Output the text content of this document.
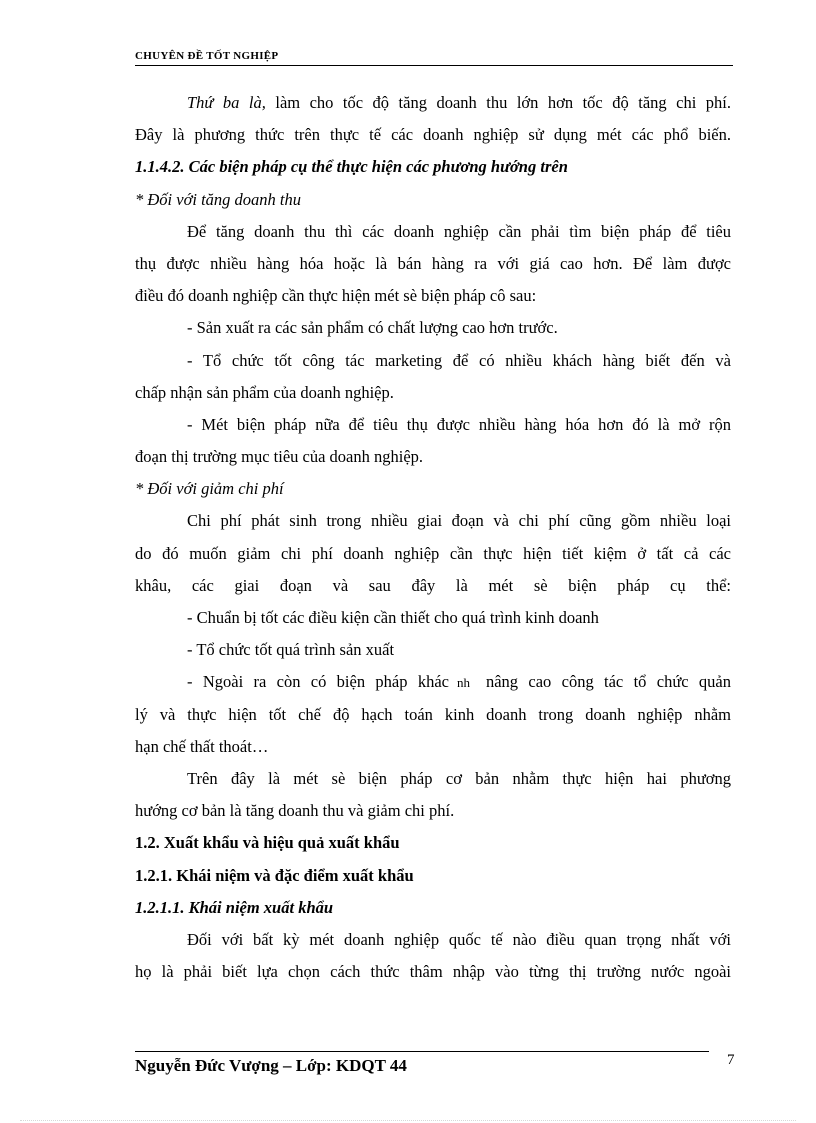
CHUYÊN ĐỀ TỐT NGHIỆP
Thứ ba là, làm cho tốc độ tăng doanh thu lớn hơn tốc độ tăng chi phí.
Đây là phương thức trên thực tế các doanh nghiệp sử dụng mét các phổ biến.
1.1.4.2. Các biện pháp cụ thể thực hiện các phương hướng trên
* Đối với tăng doanh thu
Để tăng doanh thu thì các doanh nghiệp cần phải tìm biện pháp để tiêu
thụ được nhiều hàng hóa hoặc là bán hàng ra với giá cao hơn. Để làm được
điều đó doanh nghiệp cần thực hiện mét sè biện pháp cô sau:
- Sản xuất ra các sản phẩm có chất lượng cao hơn trước.
- Tổ chức tốt công tác marketing để có nhiều khách hàng biết đến và
chấp nhận sản phẩm của doanh nghiệp.
- Mét biện pháp nữa để tiêu thụ được nhiều hàng hóa hơn đó là mở rộn
đoạn thị trường mục tiêu của doanh nghiệp.
* Đối với giảm chi phí
Chi phí phát sinh trong nhiều giai đoạn và chi phí cũng gồm nhiều loại
do đó muốn giảm chi phí doanh nghiệp cần thực hiện tiết kiệm ở tất cả các
khâu, các giai đoạn và sau đây là mét sè biện pháp cụ thể:
- Chuẩn bị tốt các điều kiện cần thiết cho quá trình kinh doanh
- Tổ chức tốt quá trình sản xuất
- Ngoài ra còn có biện pháp khác nh nâng cao công tác tổ chức quản
lý và thực hiện tốt chế độ hạch toán kinh doanh trong doanh nghiệp nhằm
hạn chế thất thoát…
Trên đây là mét sè biện pháp cơ bản nhằm thực hiện hai phương
hướng cơ bản là tăng doanh thu và giảm chi phí.
1.2. Xuất khẩu và hiệu quả xuất khẩu
1.2.1. Khái niệm và đặc điểm xuất khẩu
1.2.1.1. Khái niệm xuất khẩu
Đối với bất kỳ mét doanh nghiệp quốc tế nào điều quan trọng nhất với
họ là phải biết lựa chọn cách thức thâm nhập vào từng thị trường nước ngoài
Nguyễn Đức Vượng – Lớp: KDQT 44	7
